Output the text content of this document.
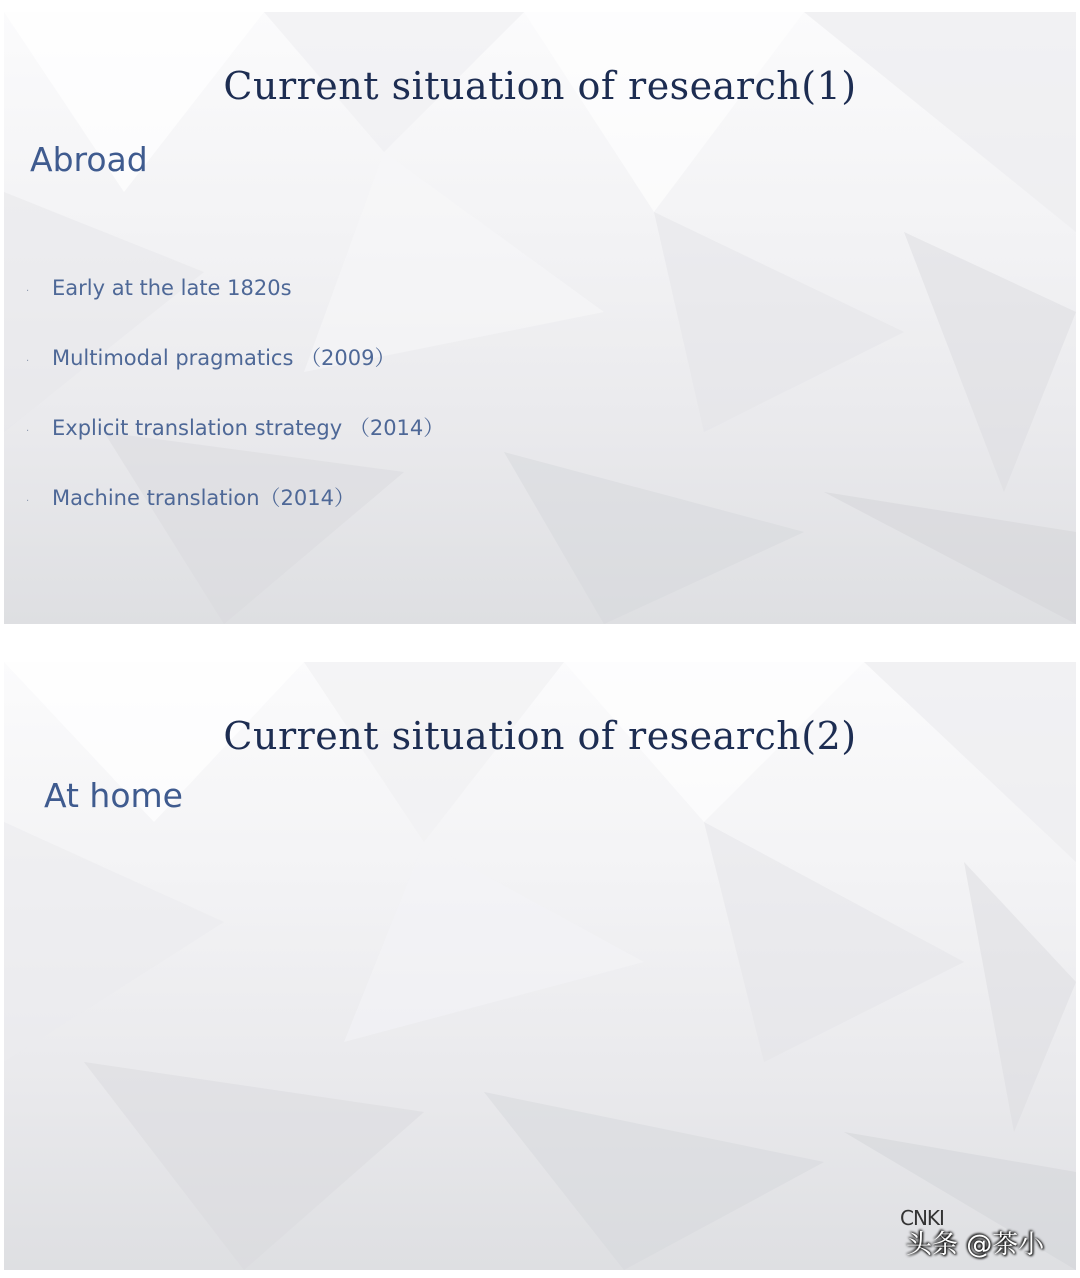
Current situation of research(1)
Abroad
· Early at the late 1820s
· Multimodal pragmatics （2009）
· Explicit translation strategy （2014）
· Machine translation（2014）
Current situation of research(2)
At home
CNKI
头条 @茶小
